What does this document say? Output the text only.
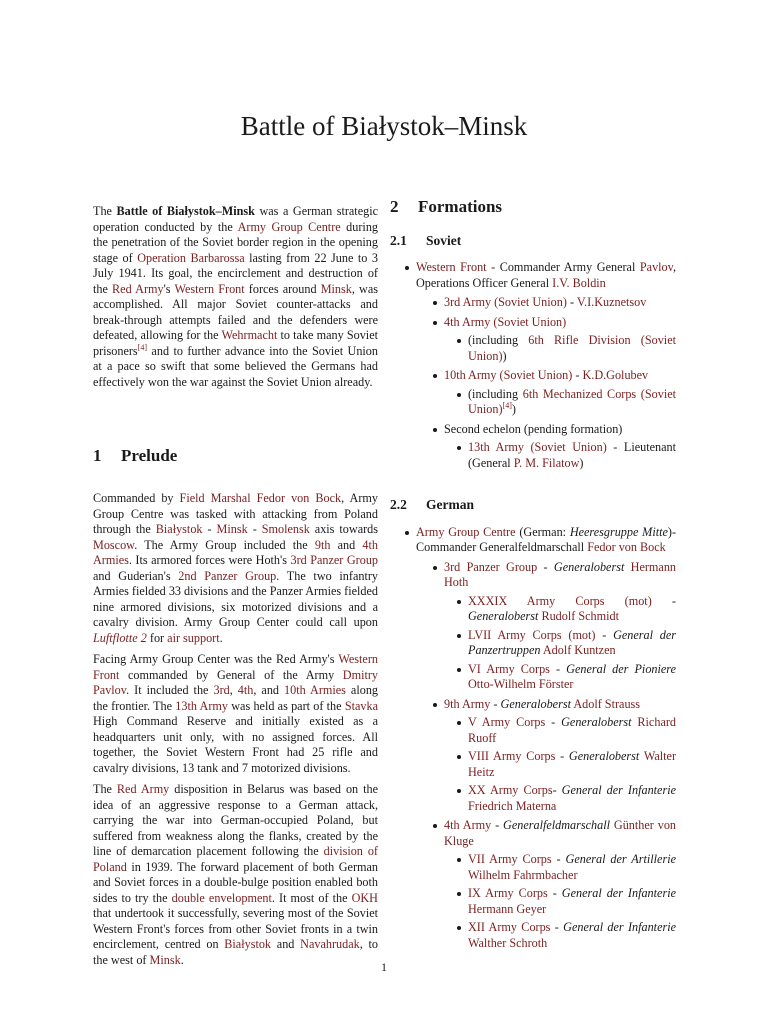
Battle of Białystok–Minsk

The Battle of Białystok–Minsk was a German strategic operation conducted by the Army Group Centre during the penetration of the Soviet border region in the opening stage of Operation Barbarossa lasting from 22 June to 3 July 1941. Its goal, the encirclement and destruction of the Red Army's Western Front forces around Minsk, was accomplished. All major Soviet counter-attacks and break-through attempts failed and the defenders were defeated, allowing for the Wehrmacht to take many Soviet prisoners[4] and to further advance into the Soviet Union at a pace so swift that some believed the Germans had effectively won the war against the Soviet Union already.

1 Prelude

Commanded by Field Marshal Fedor von Bock, Army Group Centre was tasked with attacking from Poland through the Białystok - Minsk - Smolensk axis towards Moscow. The Army Group included the 9th and 4th Armies. Its armored forces were Hoth's 3rd Panzer Group and Guderian's 2nd Panzer Group. The two infantry Armies fielded 33 divisions and the Panzer Armies fielded nine armored divisions, six motorized divisions and a cavalry division. Army Group Center could call upon Luftflotte 2 for air support.

Facing Army Group Center was the Red Army's Western Front commanded by General of the Army Dmitry Pavlov. It included the 3rd, 4th, and 10th Armies along the frontier. The 13th Army was held as part of the Stavka High Command Reserve and initially existed as a headquarters unit only, with no assigned forces. All together, the Soviet Western Front had 25 rifle and cavalry divisions, 13 tank and 7 motorized divisions.

The Red Army disposition in Belarus was based on the idea of an aggressive response to a German attack, carrying the war into German-occupied Poland, but suffered from weakness along the flanks, created by the line of demarcation placement following the division of Poland in 1939. The forward placement of both German and Soviet forces in a double-bulge position enabled both sides to try the double envelopment. It most of the OKH that undertook it successfully, severing most of the Soviet Western Front's forces from other Soviet fronts in a twin encirclement, centred on Białystok and Navahrudak, to the west of Minsk.

2 Formations
2.1 Soviet
Western Front - Commander Army General Pavlov, Operations Officer General I.V. Boldin
3rd Army (Soviet Union) - V.I.Kuznetsov
4th Army (Soviet Union)
(including 6th Rifle Division (Soviet Union))
10th Army (Soviet Union) - K.D.Golubev
(including 6th Mechanized Corps (Soviet Union)[4])
Second echelon (pending formation)
13th Army (Soviet Union) - Lieutenant (General P. M. Filatow)
2.2 German
Army Group Centre (German: Heeresgruppe Mitte)- Commander Generalfeldmarschall Fedor von Bock
3rd Panzer Group - Generaloberst Hermann Hoth
XXXIX Army Corps (mot) - Generaloberst Rudolf Schmidt
LVII Army Corps (mot) - General der Panzertruppen Adolf Kuntzen
VI Army Corps - General der Pioniere Otto-Wilhelm Förster
9th Army - Generaloberst Adolf Strauss
V Army Corps - Generaloberst Richard Ruoff
VIII Army Corps - Generaloberst Walter Heitz
XX Army Corps- General der Infanterie Friedrich Materna
4th Army - Generalfeldmarschall Günther von Kluge
VII Army Corps - General der Artillerie Wilhelm Fahrmbacher
IX Army Corps - General der Infanterie Hermann Geyer
XII Army Corps - General der Infanterie Walther Schroth
1
